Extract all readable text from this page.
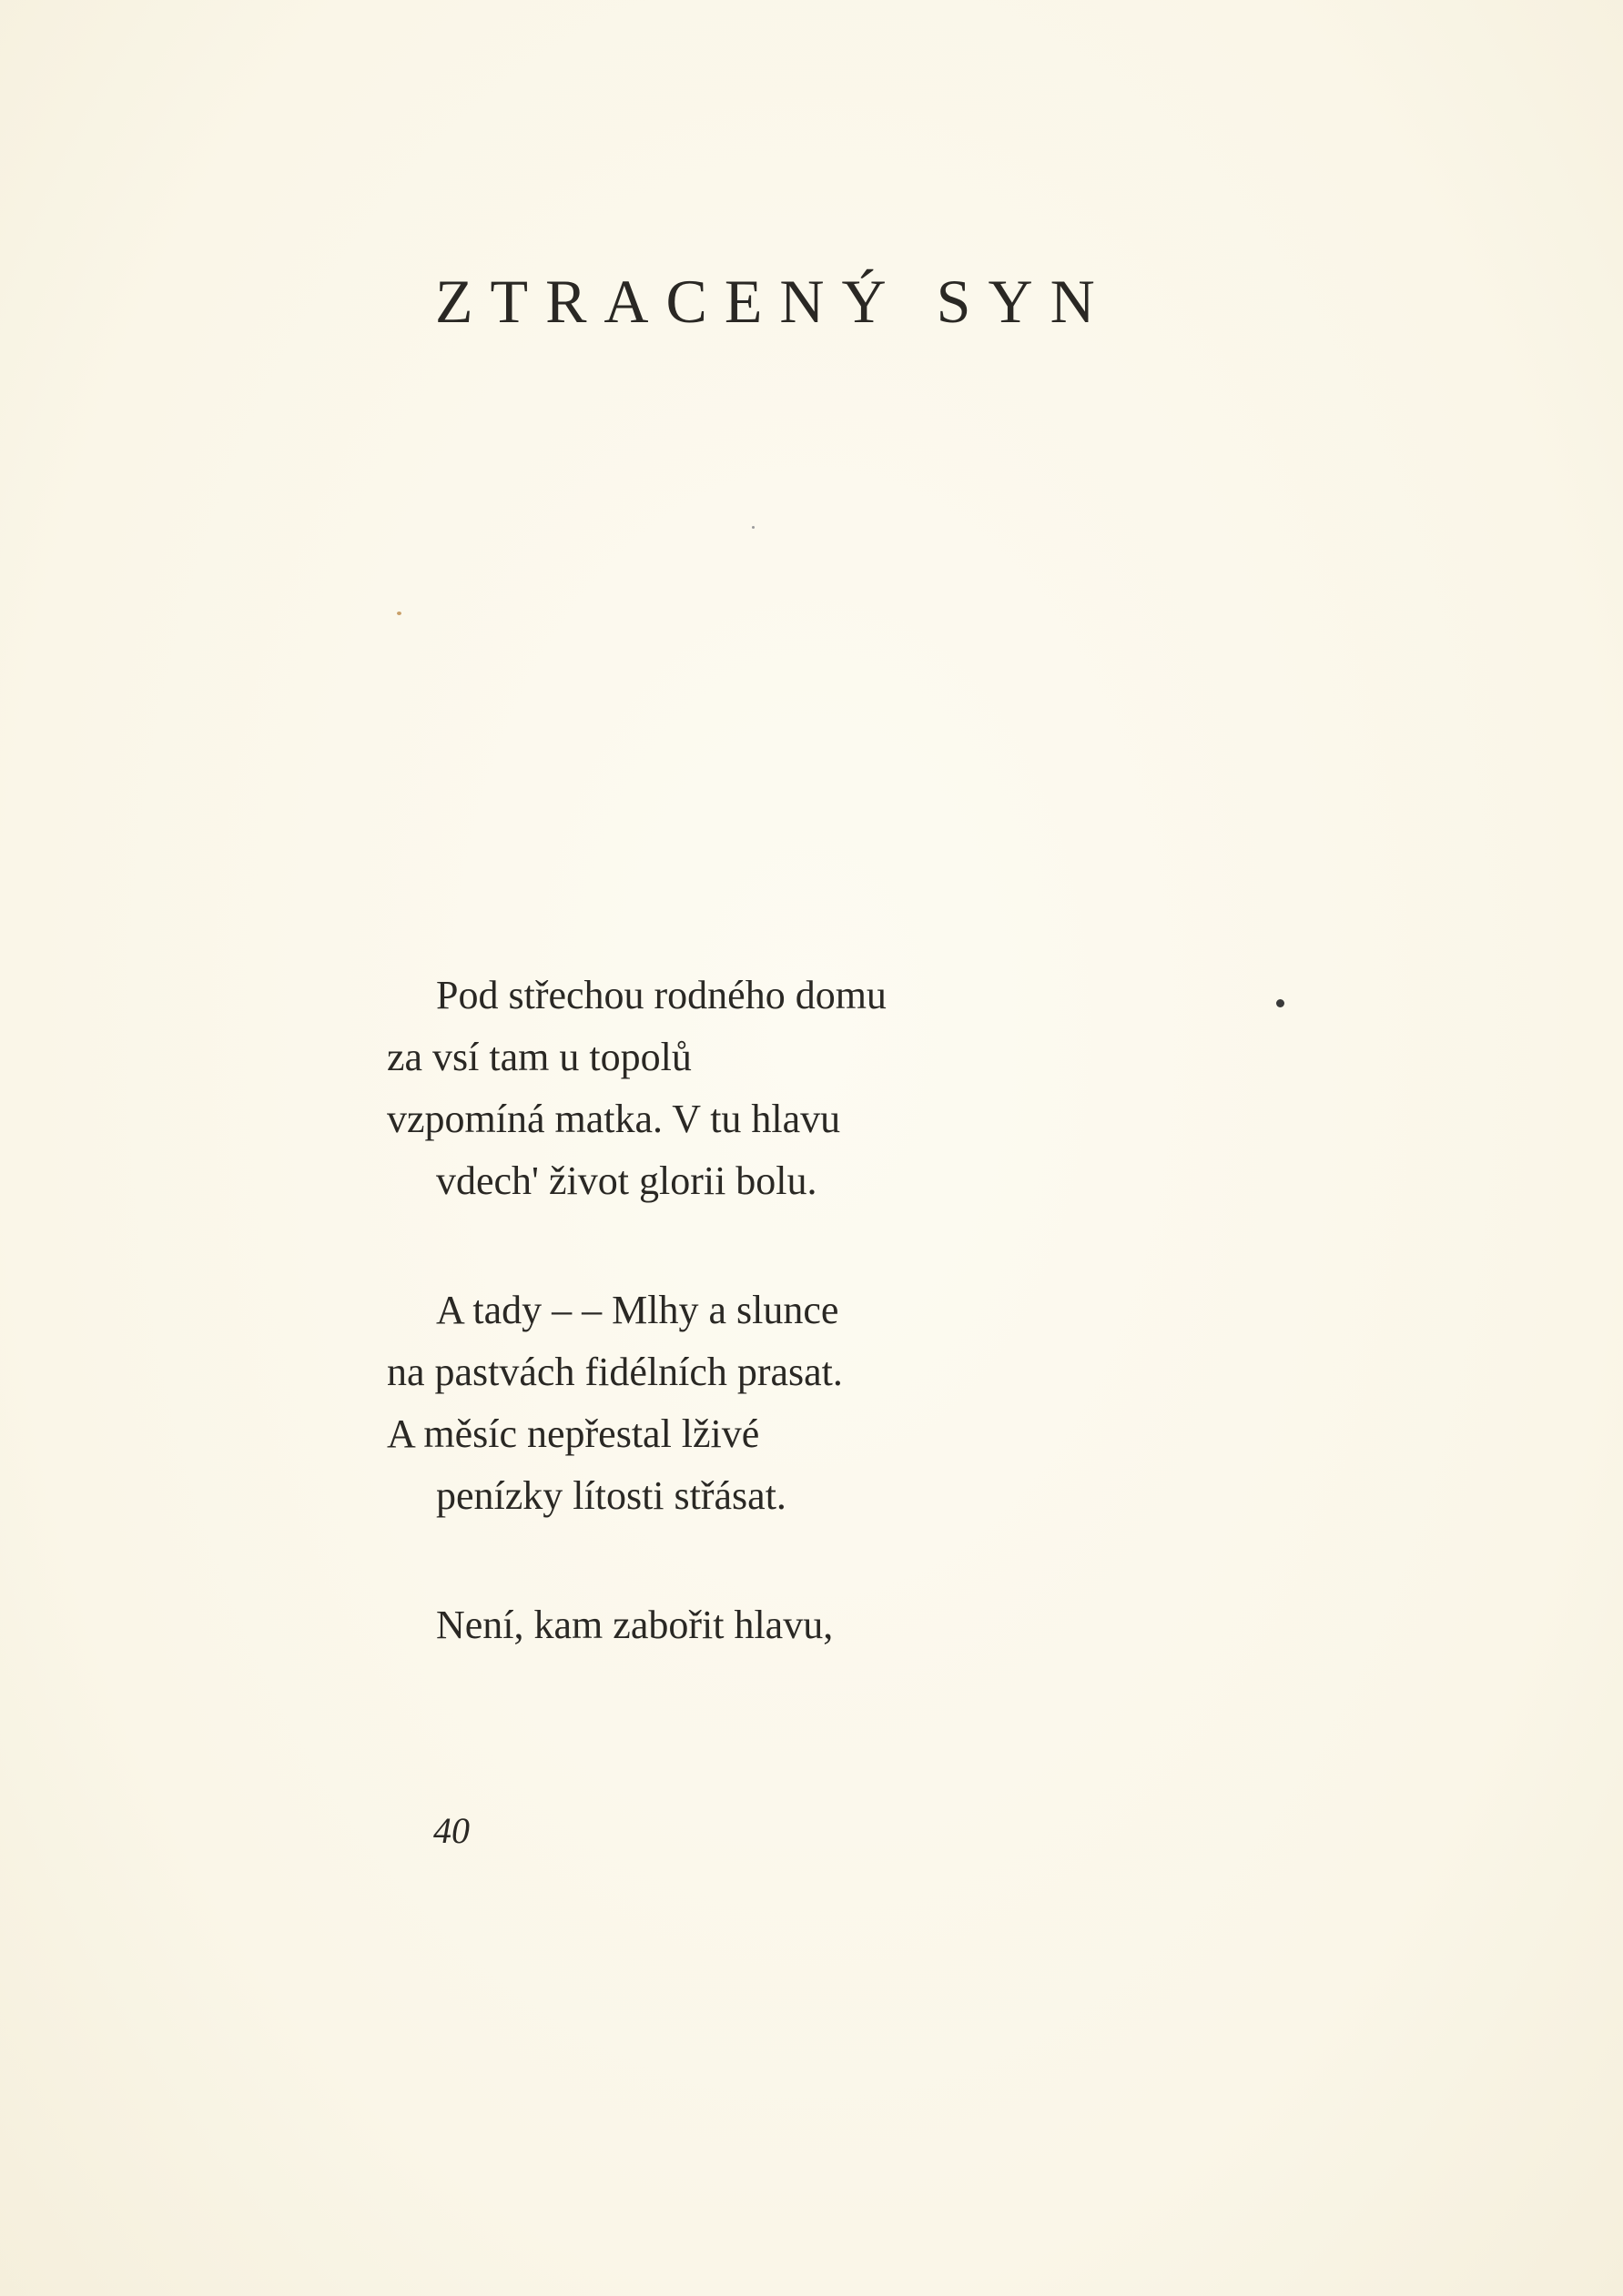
ZTRACENÝ SYN
Pod střechou rodného domu
za vsí tam u topolů
vzpomíná matka. V tu hlavu
vdech' život glorii bolu.
A tady – – Mlhy a slunce
na pastvách fidélních prasat.
A měsíc nepřestal lživé
penízky lítosti střásat.
Není, kam zabořit hlavu,
40
